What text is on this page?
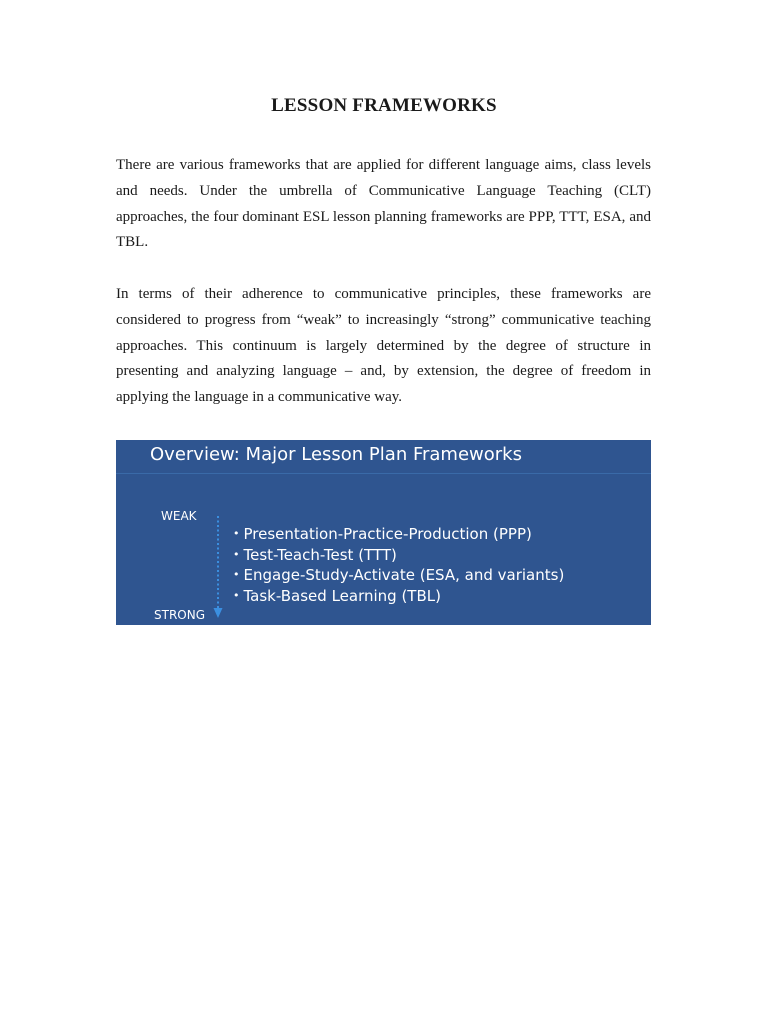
LESSON FRAMEWORKS

There are various frameworks that are applied for different language aims, class levels and needs. Under the umbrella of Communicative Language Teaching (CLT) approaches, the four dominant ESL lesson planning frameworks are PPP, TTT, ESA, and TBL.

In terms of their adherence to communicative principles, these frameworks are considered to progress from “weak” to increasingly “strong” communicative teaching approaches. This continuum is largely determined by the degree of structure in presenting and analyzing language – and, by extension, the degree of freedom in applying the language in a communicative way.

Overview: Major Lesson Plan Frameworks
WEAK
STRONG
• Presentation-Practice-Production (PPP)
• Test-Teach-Test (TTT)
• Engage-Study-Activate (ESA, and variants)
• Task-Based Learning (TBL)
